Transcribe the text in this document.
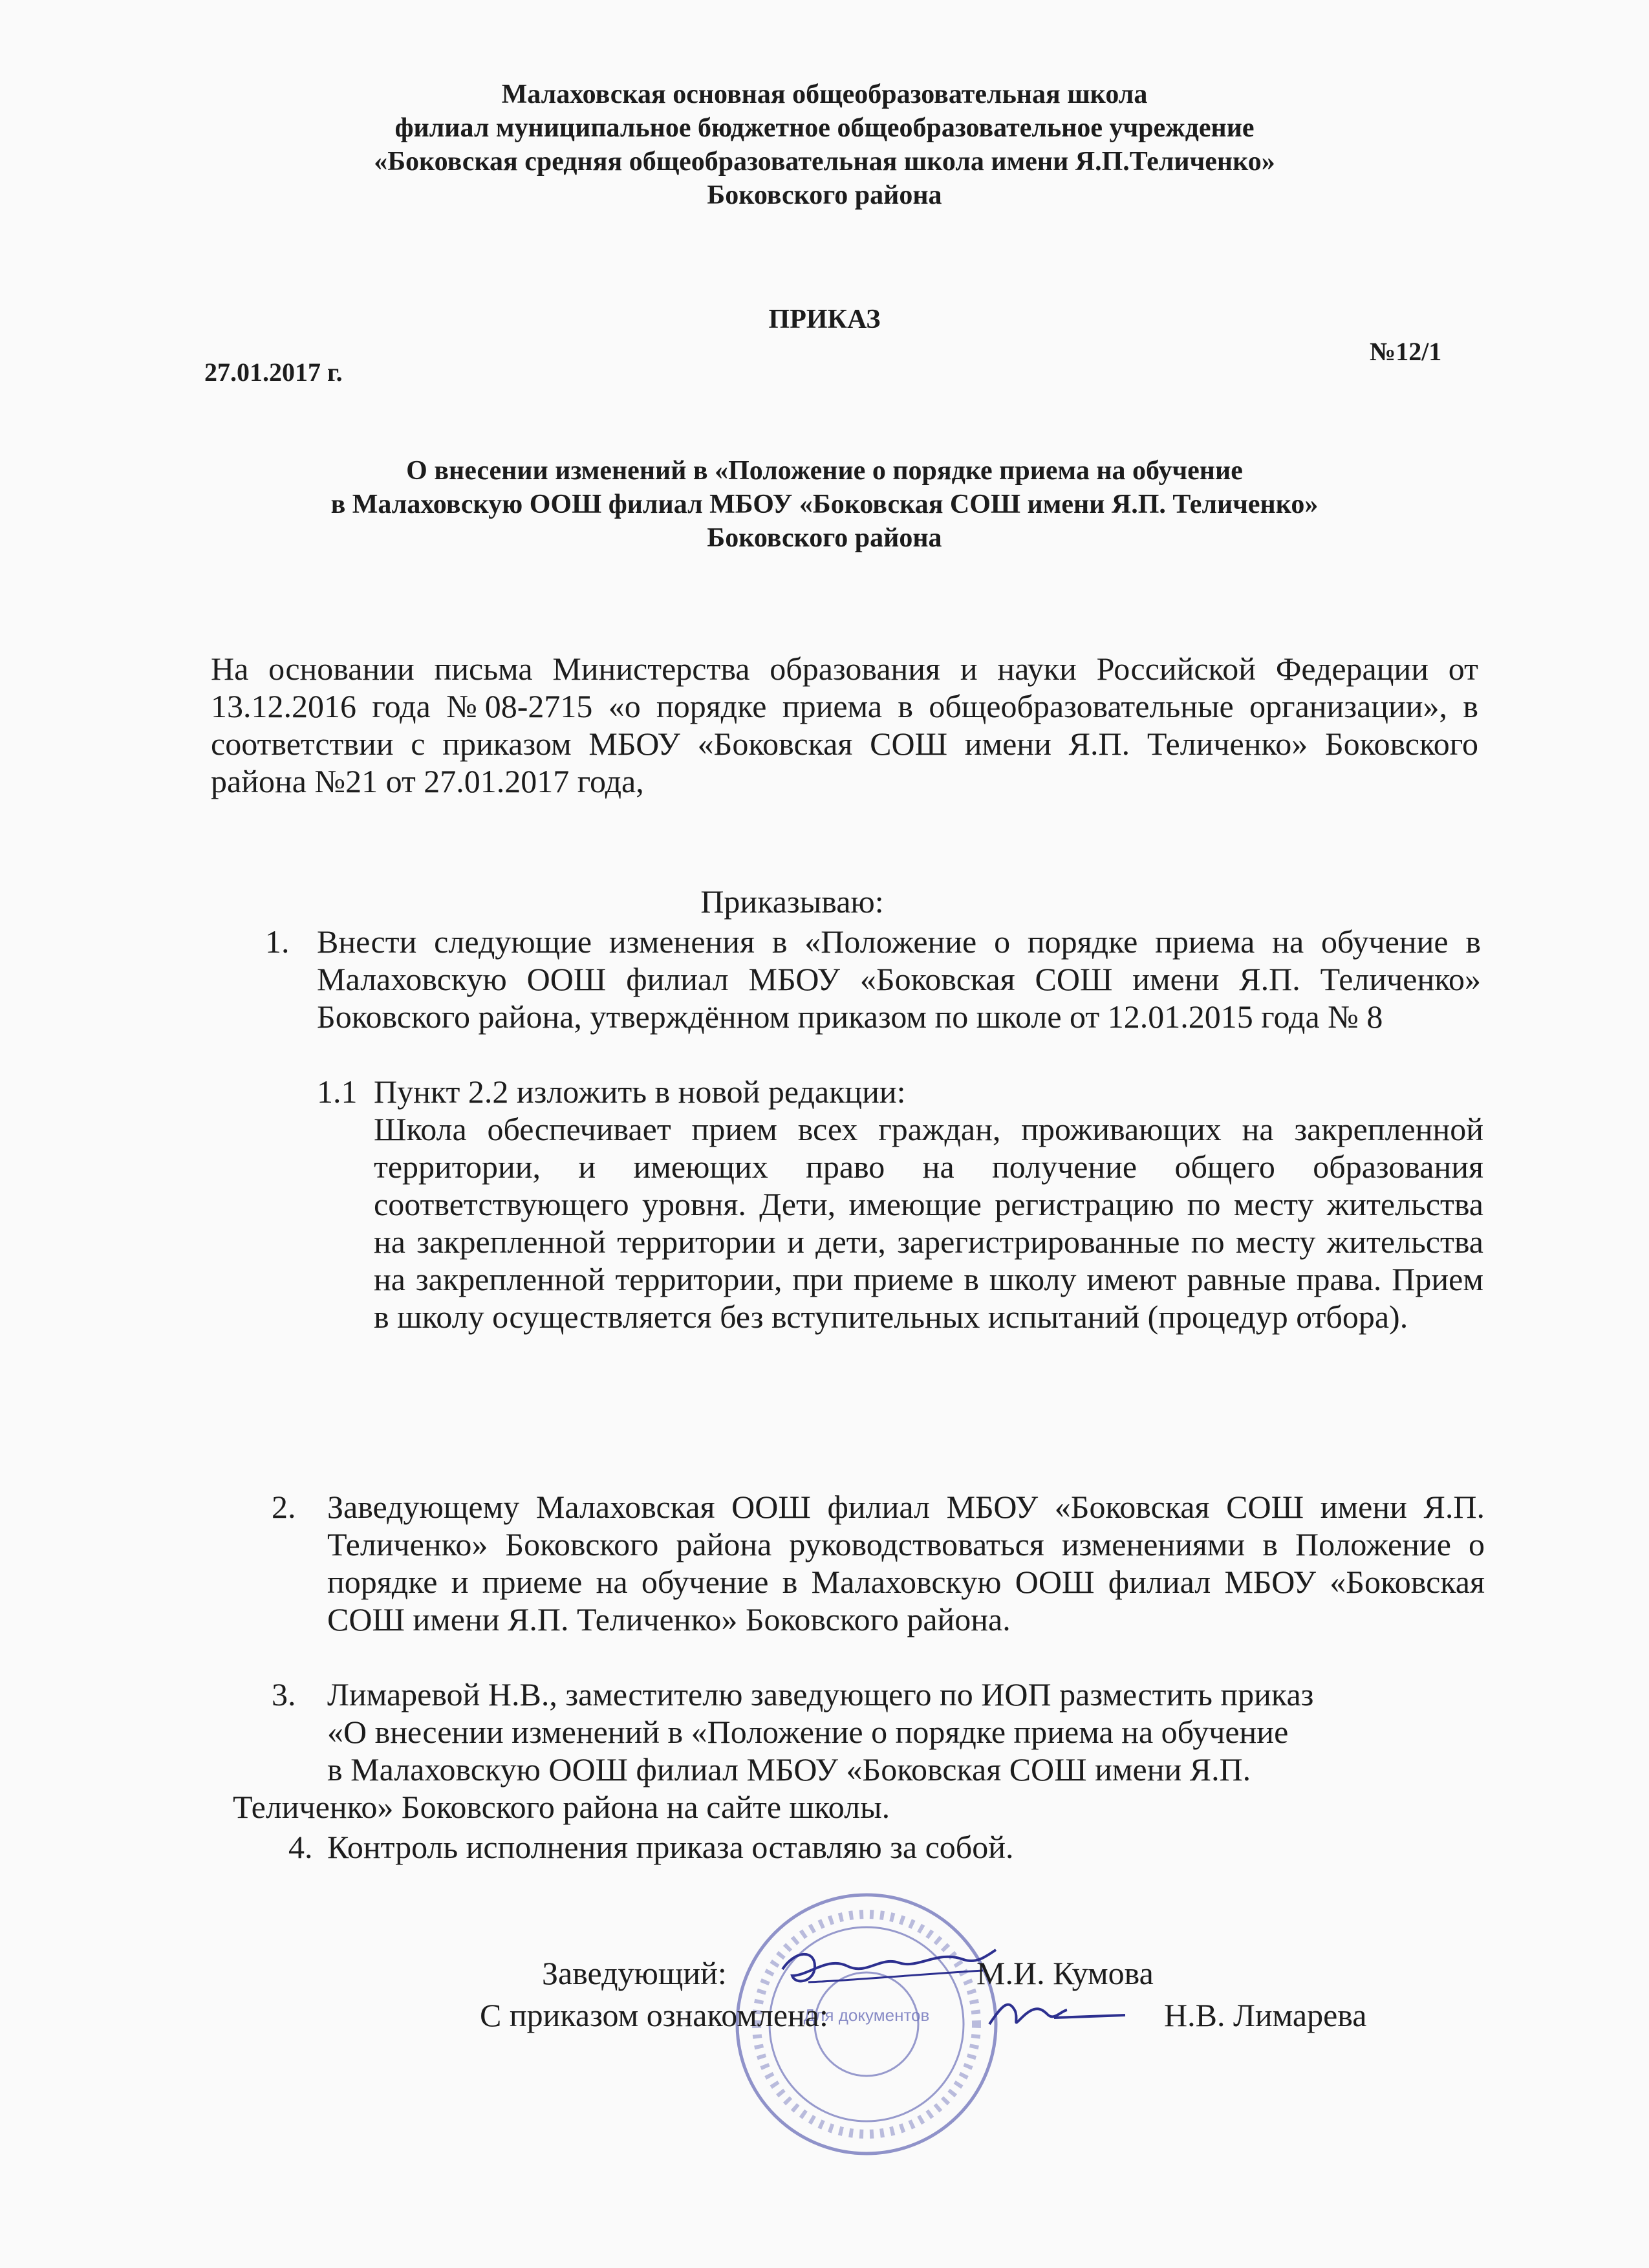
Малаховская основная общеобразовательная школа
филиал муниципальное бюджетное общеобразовательное учреждение
«Боковская средняя общеобразовательная школа имени Я.П.Теличенко»
Боковского района
ПРИКАЗ
27.01.2017 г.
№12/1
О внесении изменений в «Положение о порядке приема на обучение
в Малаховскую ООШ филиал МБОУ «Боковская СОШ имени Я.П. Теличенко»
Боковского района
На основании письма Министерства образования и науки Российской Федерации от 13.12.2016 года №08-2715 «о порядке приема в общеобразовательные организации», в соответствии с приказом МБОУ «Боковская СОШ имени Я.П. Теличенко» Боковского района №21 от 27.01.2017 года,
Приказываю:
1. Внести следующие изменения в «Положение о порядке приема на обучение в Малаховскую ООШ филиал МБОУ «Боковская СОШ имени Я.П. Теличенко» Боковского района, утверждённом приказом по школе от 12.01.2015 года № 8
1.1 Пункт 2.2 изложить в новой редакции:
Школа обеспечивает прием всех граждан, проживающих на закрепленной территории, и имеющих право на получение общего образования соответствующего уровня. Дети, имеющие регистрацию по месту жительства на закрепленной территории и дети, зарегистрированные по месту жительства на закрепленной территории, при приеме в школу имеют равные права. Прием в школу осуществляется без вступительных испытаний (процедур отбора).
2. Заведующему Малаховская ООШ филиал МБОУ «Боковская СОШ имени Я.П. Теличенко» Боковского района руководствоваться изменениями в Положение о порядке и приеме на обучение в Малаховскую ООШ филиал МБОУ «Боковская СОШ имени Я.П. Теличенко» Боковского района.
3. Лимаревой Н.В., заместителю заведующего по ИОП разместить приказ
«О внесении изменений в «Положение о порядке приема на обучение
в Малаховскую ООШ филиал МБОУ «Боковская СОШ имени Я.П.
Теличенко» Боковского района на сайте школы.
4. Контроль исполнения приказа оставляю за собой.
Для документов
Заведующий:	М.И. Кумова
С приказом ознакомлена:	Н.В. Лимарева
